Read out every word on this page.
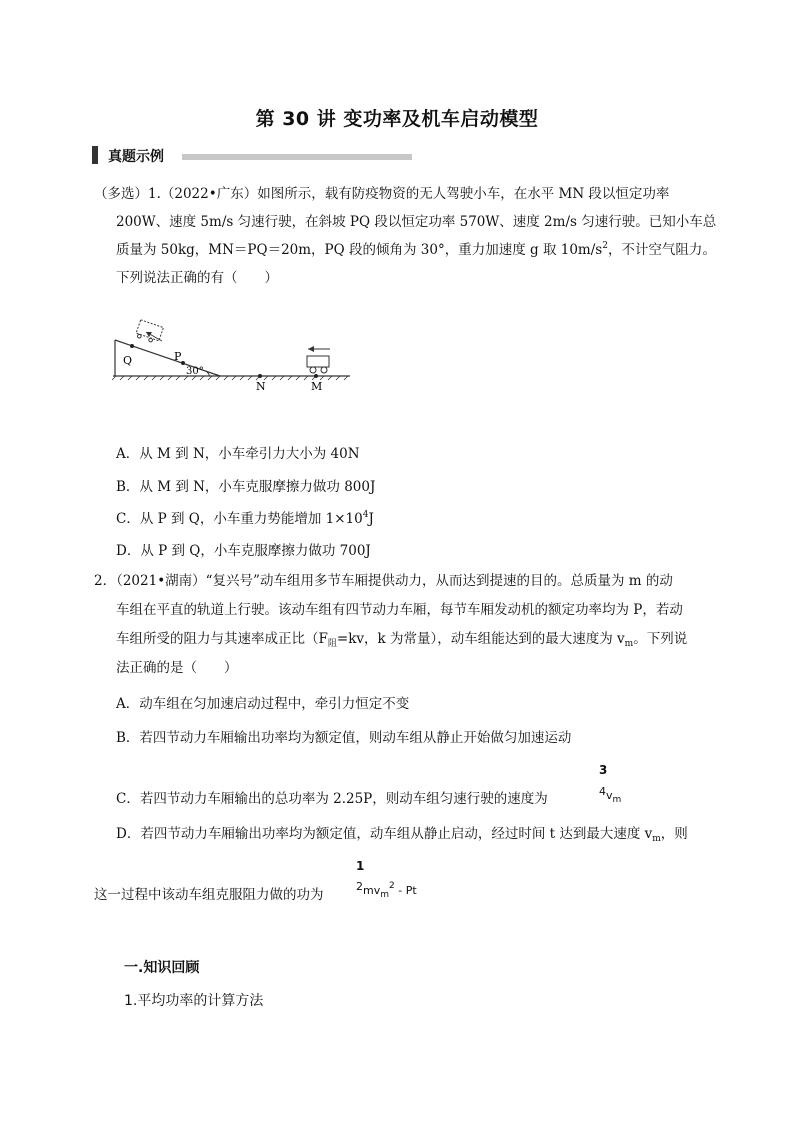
第 30 讲 变功率及机车启动模型
真题示例
（多选）1.（2022•广东）如图所示，载有防疫物资的无人驾驶小车，在水平 MN 段以恒定功率
200W、速度 5m/s 匀速行驶，在斜坡 PQ 段以恒定功率 570W、速度 2m/s 匀速行驶。已知小车总
质量为 50kg，MN＝PQ＝20m，PQ 段的倾角为 30°，重力加速度 g 取 $10m/s^2$，不计空气阻力。
下列说法正确的有（　　）
Q	P
30°
N	M
A．从 M 到 N，小车牵引力大小为 40N
B．从 M 到 N，小车克服摩擦力做功 800J
C．从 P 到 Q，小车重力势能增加 $1\times 10^4J$
D．从 P 到 Q，小车克服摩擦力做功 700J
2．（2021•湖南）“复兴号”动车组用多节车厢提供动力，从而达到提速的目的。总质量为 m 的动
车组在平直的轨道上行驶。该动车组有四节动力车厢，每节车厢发动机的额定功率均为 P，若动
车组所受的阻力与其速率成正比（$F_阻=kv$，k 为常量），动车组能达到的最大速度为 $v_m$。下列说
法正确的是（　　）
A．动车组在匀加速启动过程中，牵引力恒定不变
B．若四节动力车厢输出功率均为额定值，则动车组从静止开始做匀加速运动
C．若四节动力车厢输出的总功率为 2.25P，则动车组匀速行驶的速度为
3
4 $v_m$
D．若四节动力车厢输出功率均为额定值，动车组从静止启动，经过时间 t 达到最大速度 $v_m$，则
这一过程中该动车组克服阻力做的功为
1
2 $mv_m^2$ - Pt
一.知识回顾
1.平均功率的计算方法
